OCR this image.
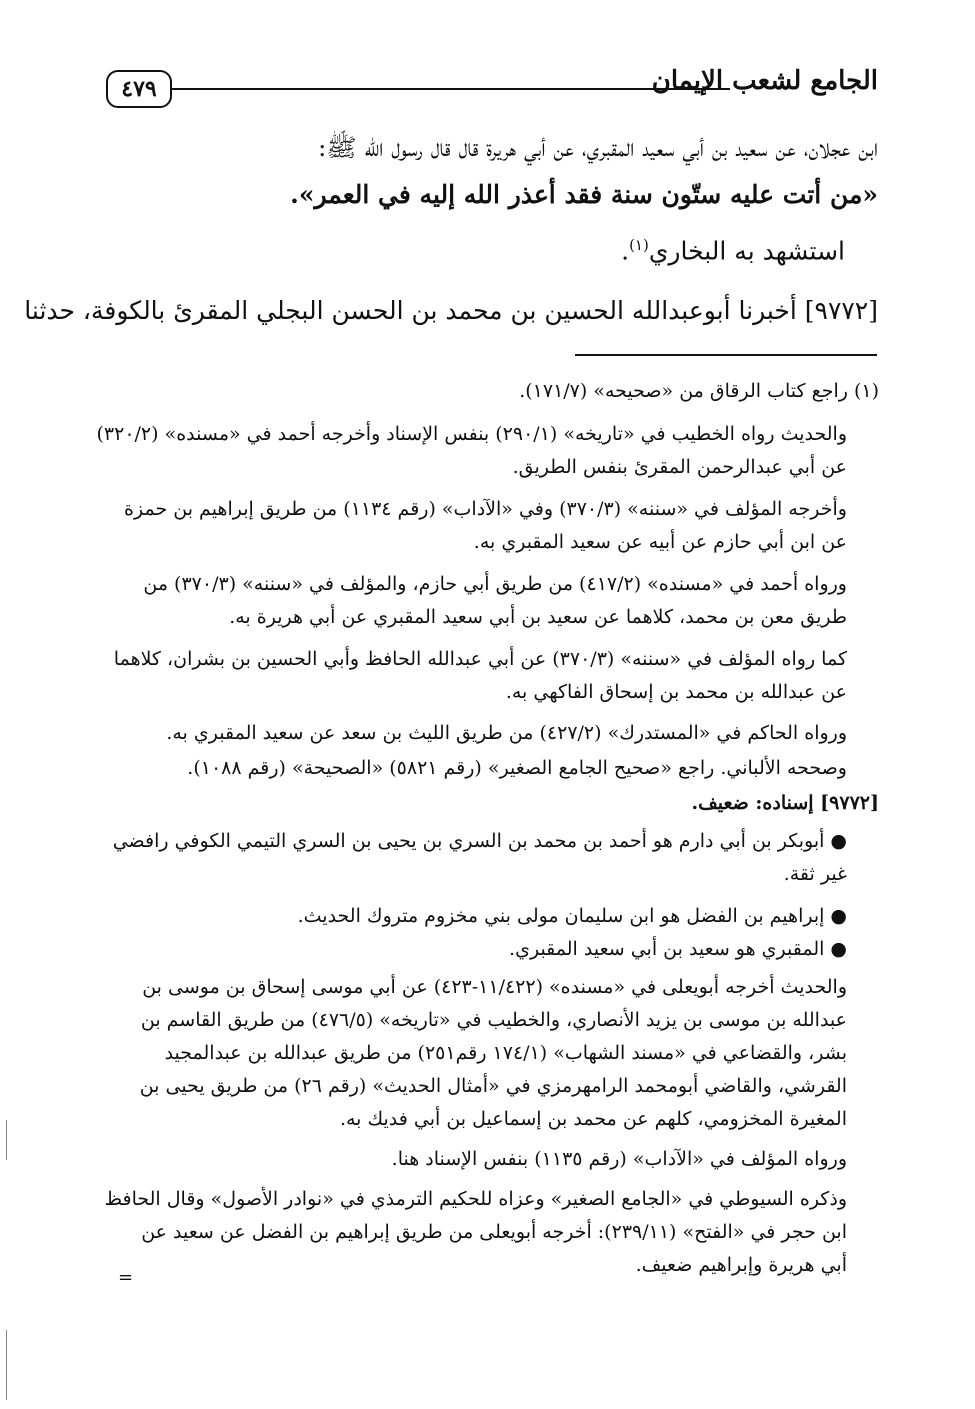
٤٧٩	الجامع لشعب الإيمان
ابن عجلان، عن سعيد بن أبي سعيد المقبري، عن أبي هريرة قال قال رسول الله ﷺ:
«من أتت عليه ستّون سنة فقد أعذر الله إليه في العمر».
استشهد به البخاري$^{(١)}$.
[٩٧٧٢] أخبرنا أبوعبدالله الحسين بن محمد بن الحسن البجلي المقرئ بالكوفة، حدثنا
(١) راجع كتاب الرقاق من «صحيحه» (١٧١/٧).
والحديث رواه الخطيب في «تاريخه» (٢٩٠/١) بنفس الإسناد وأخرجه أحمد في «مسنده» (٣٢٠/٢)
عن أبي عبدالرحمن المقرئ بنفس الطريق.
وأخرجه المؤلف في «سننه» (٣٧٠/٣) وفي «الآداب» (رقم ١١٣٤) من طريق إبراهيم بن حمزة
عن ابن أبي حازم عن أبيه عن سعيد المقبري به.
ورواه أحمد في «مسنده» (٤١٧/٢) من طريق أبي حازم، والمؤلف في «سننه» (٣٧٠/٣) من
طريق معن بن محمد، كلاهما عن سعيد بن أبي سعيد المقبري عن أبي هريرة به.
كما رواه المؤلف في «سننه» (٣٧٠/٣) عن أبي عبدالله الحافظ وأبي الحسين بن بشران، كلاهما
عن عبدالله بن محمد بن إسحاق الفاكهي به.
ورواه الحاكم في «المستدرك» (٤٢٧/٢) من طريق الليث بن سعد عن سعيد المقبري به.
وصححه الألباني. راجع «صحيح الجامع الصغير» (رقم ٥٨٢١) «الصحيحة» (رقم ١٠٨٨).
[٩٧٧٢] إسناده: ضعيف.
●أبوبكر بن أبي دارم هو أحمد بن محمد بن السري بن يحيى بن السري التيمي الكوفي رافضي
غير ثقة.
●إبراهيم بن الفضل هو ابن سليمان مولى بني مخزوم متروك الحديث.
●المقبري هو سعيد بن أبي سعيد المقبري.
والحديث أخرجه أبويعلى في «مسنده» (١١/٤٢٢-٤٢٣) عن أبي موسى إسحاق بن موسى بن
عبدالله بن موسى بن يزيد الأنصاري، والخطيب في «تاريخه» (٤٧٦/٥) من طريق القاسم بن
بشر، والقضاعي في «مسند الشهاب» (١٧٤/١ رقم٢٥١) من طريق عبدالله بن عبدالمجيد
القرشي، والقاضي أبومحمد الرامهرمزي في «أمثال الحديث» (رقم ٢٦) من طريق يحيى بن
المغيرة المخزومي، كلهم عن محمد بن إسماعيل بن أبي فديك به.
ورواه المؤلف في «الآداب» (رقم ١١٣٥) بنفس الإسناد هنا.
وذكره السيوطي في «الجامع الصغير» وعزاه للحكيم الترمذي في «نوادر الأصول» وقال الحافظ
ابن حجر في «الفتح» (٢٣٩/١١): أخرجه أبويعلى من طريق إبراهيم بن الفضل عن سعيد عن
أبي هريرة وإبراهيم ضعيف.
=
